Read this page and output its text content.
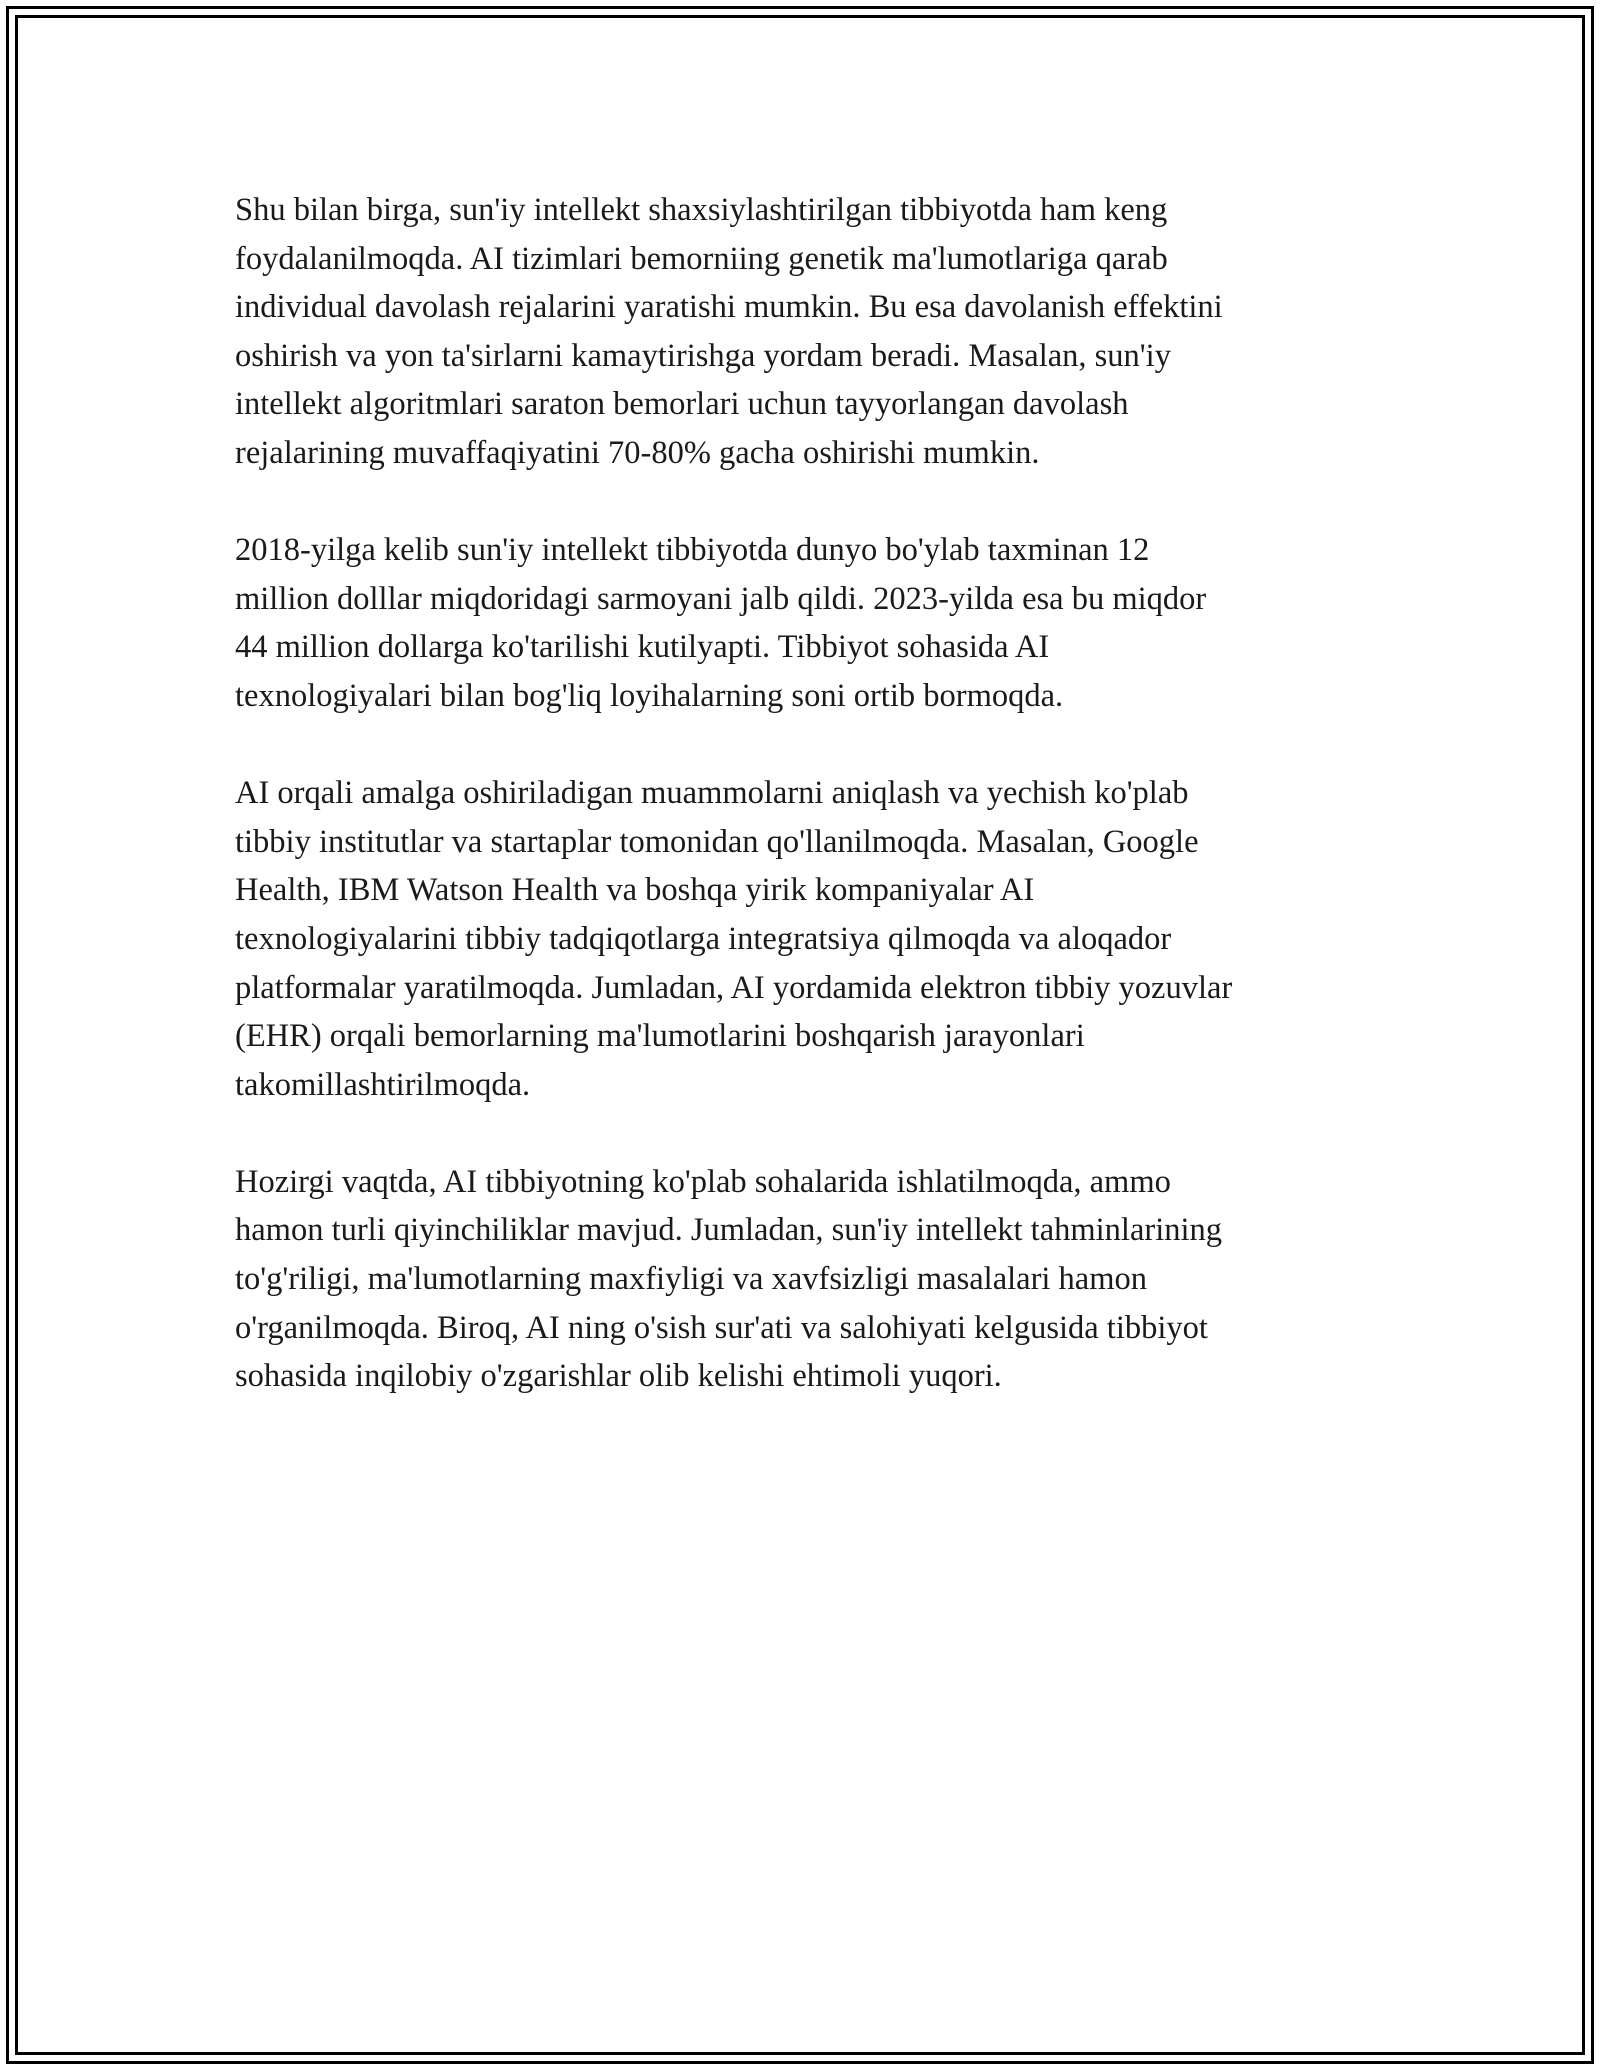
Shu bilan birga, sun'iy intellekt shaxsiylashtirilgan tibbiyotda ham keng
foydalanilmoqda. AI tizimlari bemorniing genetik ma'lumotlariga qarab
individual davolash rejalarini yaratishi mumkin. Bu esa davolanish effektini
oshirish va yon ta'sirlarni kamaytirishga yordam beradi. Masalan, sun'iy
intellekt algoritmlari saraton bemorlari uchun tayyorlangan davolash
rejalarining muvaffaqiyatini 70-80% gacha oshirishi mumkin.

2018-yilga kelib sun'iy intellekt tibbiyotda dunyo bo'ylab taxminan 12
million dolllar miqdoridagi sarmoyani jalb qildi. 2023-yilda esa bu miqdor
44 million dollarga ko'tarilishi kutilyapti. Tibbiyot sohasida AI
texnologiyalari bilan bog'liq loyihalarning soni ortib bormoqda.

AI orqali amalga oshiriladigan muammolarni aniqlash va yechish ko'plab
tibbiy institutlar va startaplar tomonidan qo'llanilmoqda. Masalan, Google
Health, IBM Watson Health va boshqa yirik kompaniyalar AI
texnologiyalarini tibbiy tadqiqotlarga integratsiya qilmoqda va aloqador
platformalar yaratilmoqda. Jumladan, AI yordamida elektron tibbiy yozuvlar
(EHR) orqali bemorlarning ma'lumotlarini boshqarish jarayonlari
takomillashtirilmoqda.

Hozirgi vaqtda, AI tibbiyotning ko'plab sohalarida ishlatilmoqda, ammo
hamon turli qiyinchiliklar mavjud. Jumladan, sun'iy intellekt tahminlarining
to'g'riligi, ma'lumotlarning maxfiyligi va xavfsizligi masalalari hamon
o'rganilmoqda. Biroq, AI ning o'sish sur'ati va salohiyati kelgusida tibbiyot
sohasida inqilobiy o'zgarishlar olib kelishi ehtimoli yuqori.
